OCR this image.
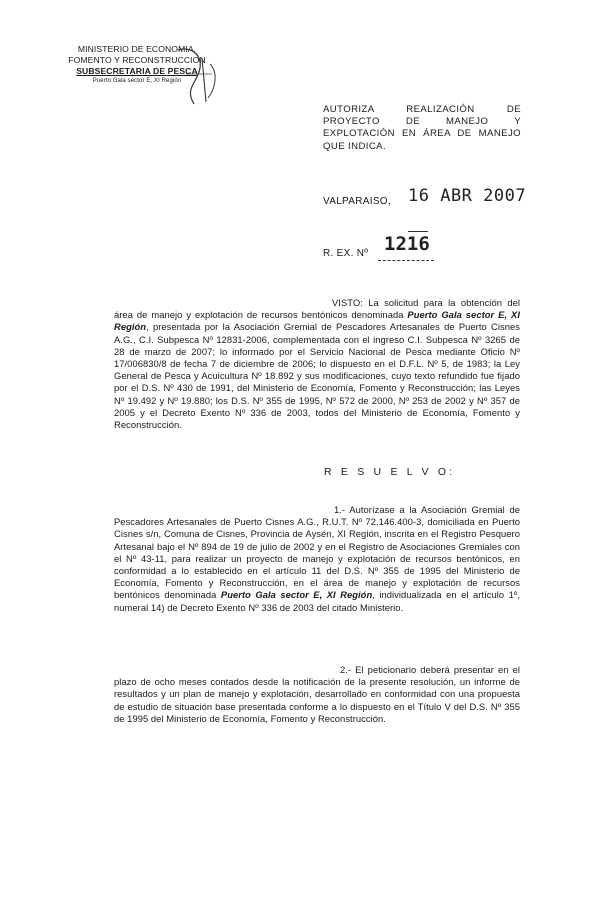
MINISTERIO DE ECONOMIA,
FOMENTO Y RECONSTRUCCION
SUBSECRETARIA DE PESCA
Puerto Gala sector E, XI Región
AUTORIZA REALIZACIÓN DE PROYECTO DE MANEJO Y EXPLOTACIÓN EN ÁREA DE MANEJO QUE INDICA.
VALPARAISO, 16 ABR 2007
R. EX. Nº 1216
VISTO: La solicitud para la obtención del área de manejo y explotación de recursos bentónicos denominada Puerto Gala sector E, XI Región, presentada por la Asociación Gremial de Pescadores Artesanales de Puerto Cisnes A.G., C.I. Subpesca Nº 12831-2006, complementada con el ingreso C.I. Subpesca Nº 3265 de 28 de marzo de 2007; lo informado por el Servicio Nacional de Pesca mediante Oficio Nº 17/006830/8 de fecha 7 de diciembre de 2006; lo dispuesto en el D.F.L. Nº 5, de 1983; la Ley General de Pesca y Acuicultura Nº 18.892 y sus modificaciones, cuyo texto refundido fue fijado por el D.S. Nº 430 de 1991, del Ministerio de Economía, Fomento y Reconstrucción; las Leyes Nº 19.492 y Nº 19.880; los D.S. Nº 355 de 1995, Nº 572 de 2000, Nº 253 de 2002 y Nº 357 de 2005 y el Decreto Exento Nº 336 de 2003, todos del Ministerio de Economía, Fomento y Reconstrucción.
R E S U E L V O:
1.- Autorízase a la Asociación Gremial de Pescadores Artesanales de Puerto Cisnes A.G., R.U.T. Nº 72.146.400-3, domiciliada en Puerto Cisnes s/n, Comuna de Cisnes, Provincia de Aysén, XI Región, inscrita en el Registro Pesquero Artesanal bajo el Nº 894 de 19 de julio de 2002 y en el Registro de Asociaciones Gremiales con el Nº 43-11, para realizar un proyecto de manejo y explotación de recursos bentónicos, en conformidad a lo establecido en el artículo 11 del D.S. Nº 355 de 1995 del Ministerio de Economía, Fomento y Reconstrucción, en el área de manejo y explotación de recursos bentónicos denominada Puerto Gala sector E, XI Región, individualizada en el artículo 1º, numeral 14) de Decreto Exento Nº 336 de 2003 del citado Ministerio.
2.- El peticionario deberá presentar en el plazo de ocho meses contados desde la notificación de la presente resolución, un informe de resultados y un plan de manejo y explotación, desarrollado en conformidad con una propuesta de estudio de situación base presentada conforme a lo dispuesto en el Título V del D.S. Nº 355 de 1995 del Ministerio de Economía, Fomento y Reconstrucción.
